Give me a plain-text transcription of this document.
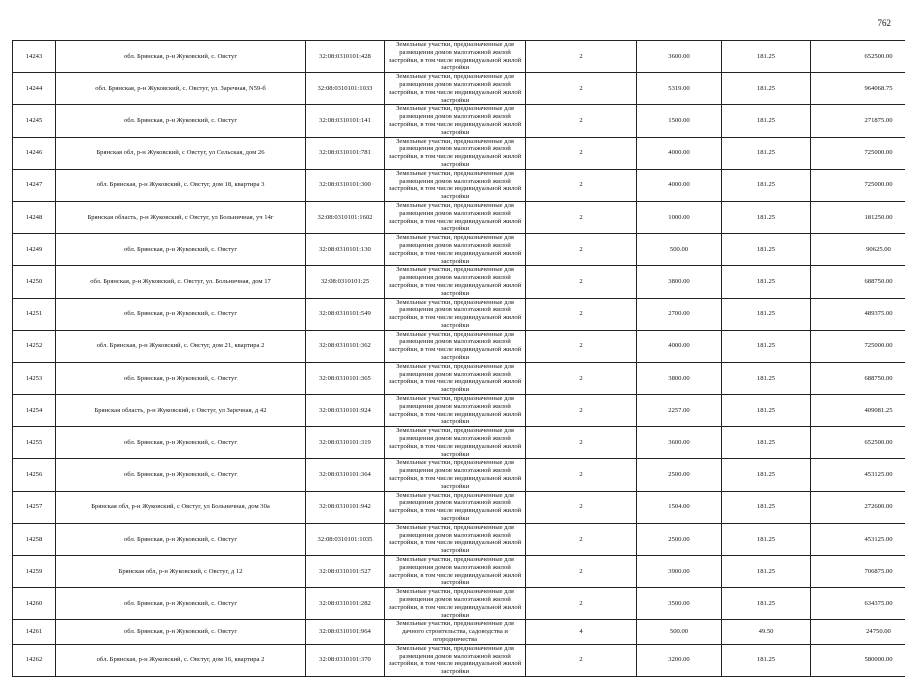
762
14243	обл. Брянская, р-н Жуковский, с. Овстуг	32:08:0310101:428	Земельные участки, предназначенные для размещения домов малоэтажной жилой застройки, в том числе индивидуальной жилой застройки	2	3600.00	181.25	652500.00
14244	обл. Брянская, р-н Жуковский, с. Овстуг, ул. Заречная, N59-б	32:08:0310101:1033	Земельные участки, предназначенные для размещения домов малоэтажной жилой застройки, в том числе индивидуальной жилой застройки	2	5319.00	181.25	964068.75
14245	обл. Брянская, р-н Жуковский, с. Овстуг	32:08:0310101:141	Земельные участки, предназначенные для размещения домов малоэтажной жилой застройки, в том числе индивидуальной жилой застройки	2	1500.00	181.25	271875.00
14246	Брянская обл, р-н Жуковский, с Овстуг, ул Сельская, дом 26	32:08:0310101:781	Земельные участки, предназначенные для размещения домов малоэтажной жилой застройки, в том числе индивидуальной жилой застройки	2	4000.00	181.25	725000.00
14247	обл. Брянская, р-н Жуковский, с. Овстуг, дом 18, квартира 3	32:08:0310101:300	Земельные участки, предназначенные для размещения домов малоэтажной жилой застройки, в том числе индивидуальной жилой застройки	2	4000.00	181.25	725000.00
14248	Брянская область, р-н Жуковский, с Овстуг, ул Больничная, уч 14г	32:08:0310101:1602	Земельные участки, предназначенные для размещения домов малоэтажной жилой застройки, в том числе индивидуальной жилой застройки	2	1000.00	181.25	181250.00
14249	обл. Брянская, р-н Жуковский, с. Овстуг	32:08:0310101:130	Земельные участки, предназначенные для размещения домов малоэтажной жилой застройки, в том числе индивидуальной жилой застройки	2	500.00	181.25	90625.00
14250	обл. Брянская, р-н Жуковский, с. Овстуг, ул. Больничная, дом 17	32:08:0310101:25	Земельные участки, предназначенные для размещения домов малоэтажной жилой застройки, в том числе индивидуальной жилой застройки	2	3800.00	181.25	688750.00
14251	обл. Брянская, р-н Жуковский, с. Овстуг	32:08:0310101:549	Земельные участки, предназначенные для размещения домов малоэтажной жилой застройки, в том числе индивидуальной жилой застройки	2	2700.00	181.25	489375.00
14252	обл. Брянская, р-н Жуковский, с. Овстуг, дом 21, квартира 2	32:08:0310101:362	Земельные участки, предназначенные для размещения домов малоэтажной жилой застройки, в том числе индивидуальной жилой застройки	2	4000.00	181.25	725000.00
14253	обл. Брянская, р-н Жуковский, с. Овстуг	32:08:0310101:365	Земельные участки, предназначенные для размещения домов малоэтажной жилой застройки, в том числе индивидуальной жилой застройки	2	3800.00	181.25	688750.00
14254	Брянская область, р-н Жуковский, с Овстуг, ул Заречная, д 42	32:08:0310101:924	Земельные участки, предназначенные для размещения домов малоэтажной жилой застройки, в том числе индивидуальной жилой застройки	2	2257.00	181.25	409081.25
14255	обл. Брянская, р-н Жуковский, с. Овстуг	32:08:0310101:319	Земельные участки, предназначенные для размещения домов малоэтажной жилой застройки, в том числе индивидуальной жилой застройки	2	3600.00	181.25	652500.00
14256	обл. Брянская, р-н Жуковский, с. Овстуг	32:08:0310101:364	Земельные участки, предназначенные для размещения домов малоэтажной жилой застройки, в том числе индивидуальной жилой застройки	2	2500.00	181.25	453125.00
14257	Брянская обл, р-н Жуковский, с Овстуг, ул Больничная, дом 30а	32:08:0310101:942	Земельные участки, предназначенные для размещения домов малоэтажной жилой застройки, в том числе индивидуальной жилой застройки	2	1504.00	181.25	272600.00
14258	обл. Брянская, р-н Жуковский, с. Овстуг	32:08:0310101:1035	Земельные участки, предназначенные для размещения домов малоэтажной жилой застройки, в том числе индивидуальной жилой застройки	2	2500.00	181.25	453125.00
14259	Брянская обл, р-н Жуковский, с Овстуг, д 12	32:08:0310101:527	Земельные участки, предназначенные для размещения домов малоэтажной жилой застройки, в том числе индивидуальной жилой застройки	2	3900.00	181.25	706875.00
14260	обл. Брянская, р-н Жуковский, с. Овстуг	32:08:0310101:282	Земельные участки, предназначенные для размещения домов малоэтажной жилой застройки, в том числе индивидуальной жилой застройки	2	3500.00	181.25	634375.00
14261	обл. Брянская, р-н Жуковский, с. Овстуг	32:08:0310101:964	Земельные участки, предназначенные для дачного строительства, садоводства и огородничества	4	500.00	49.50	24750.00
14262	обл. Брянская, р-н Жуковский, с. Овстуг, дом 16, квартира 2	32:08:0310101:370	Земельные участки, предназначенные для размещения домов малоэтажной жилой застройки, в том числе индивидуальной жилой застройки	2	3200.00	181.25	580000.00
